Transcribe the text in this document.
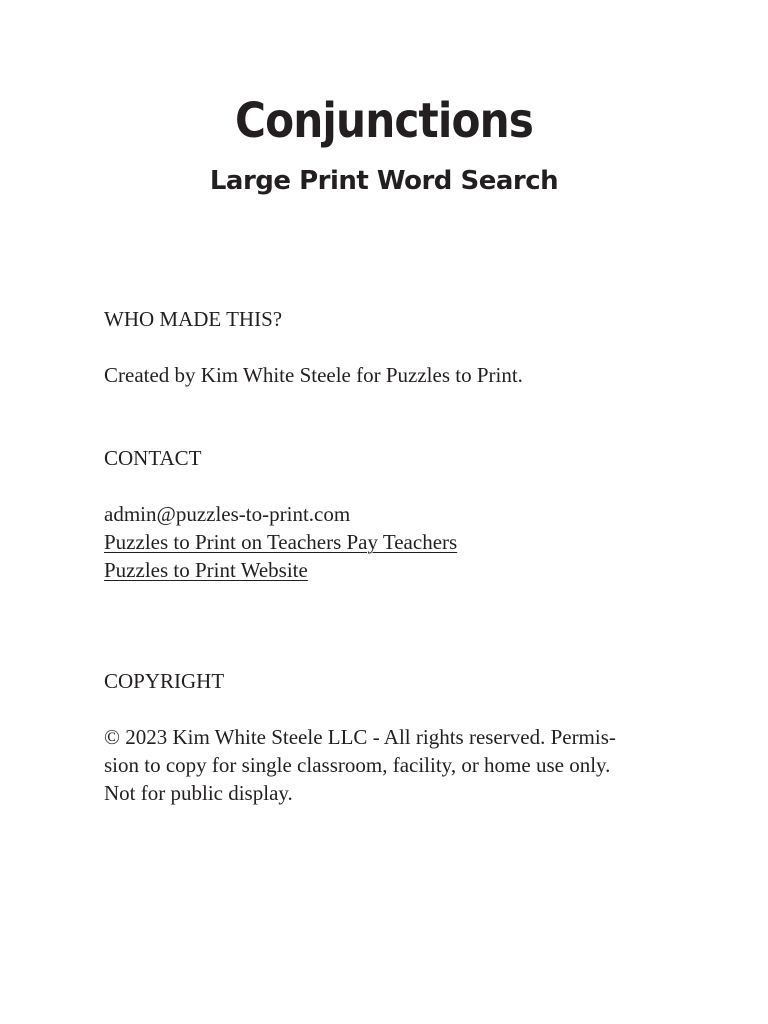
Conjunctions
Large Print Word Search

WHO MADE THIS?

Created by Kim White Steele for Puzzles to Print.

CONTACT

admin@puzzles-to-print.com

Puzzles to Print on Teachers Pay Teachers

Puzzles to Print Website

COPYRIGHT

© 2023 Kim White Steele LLC - All rights reserved. Permis-
sion to copy for single classroom, facility, or home use only.
Not for public display.
